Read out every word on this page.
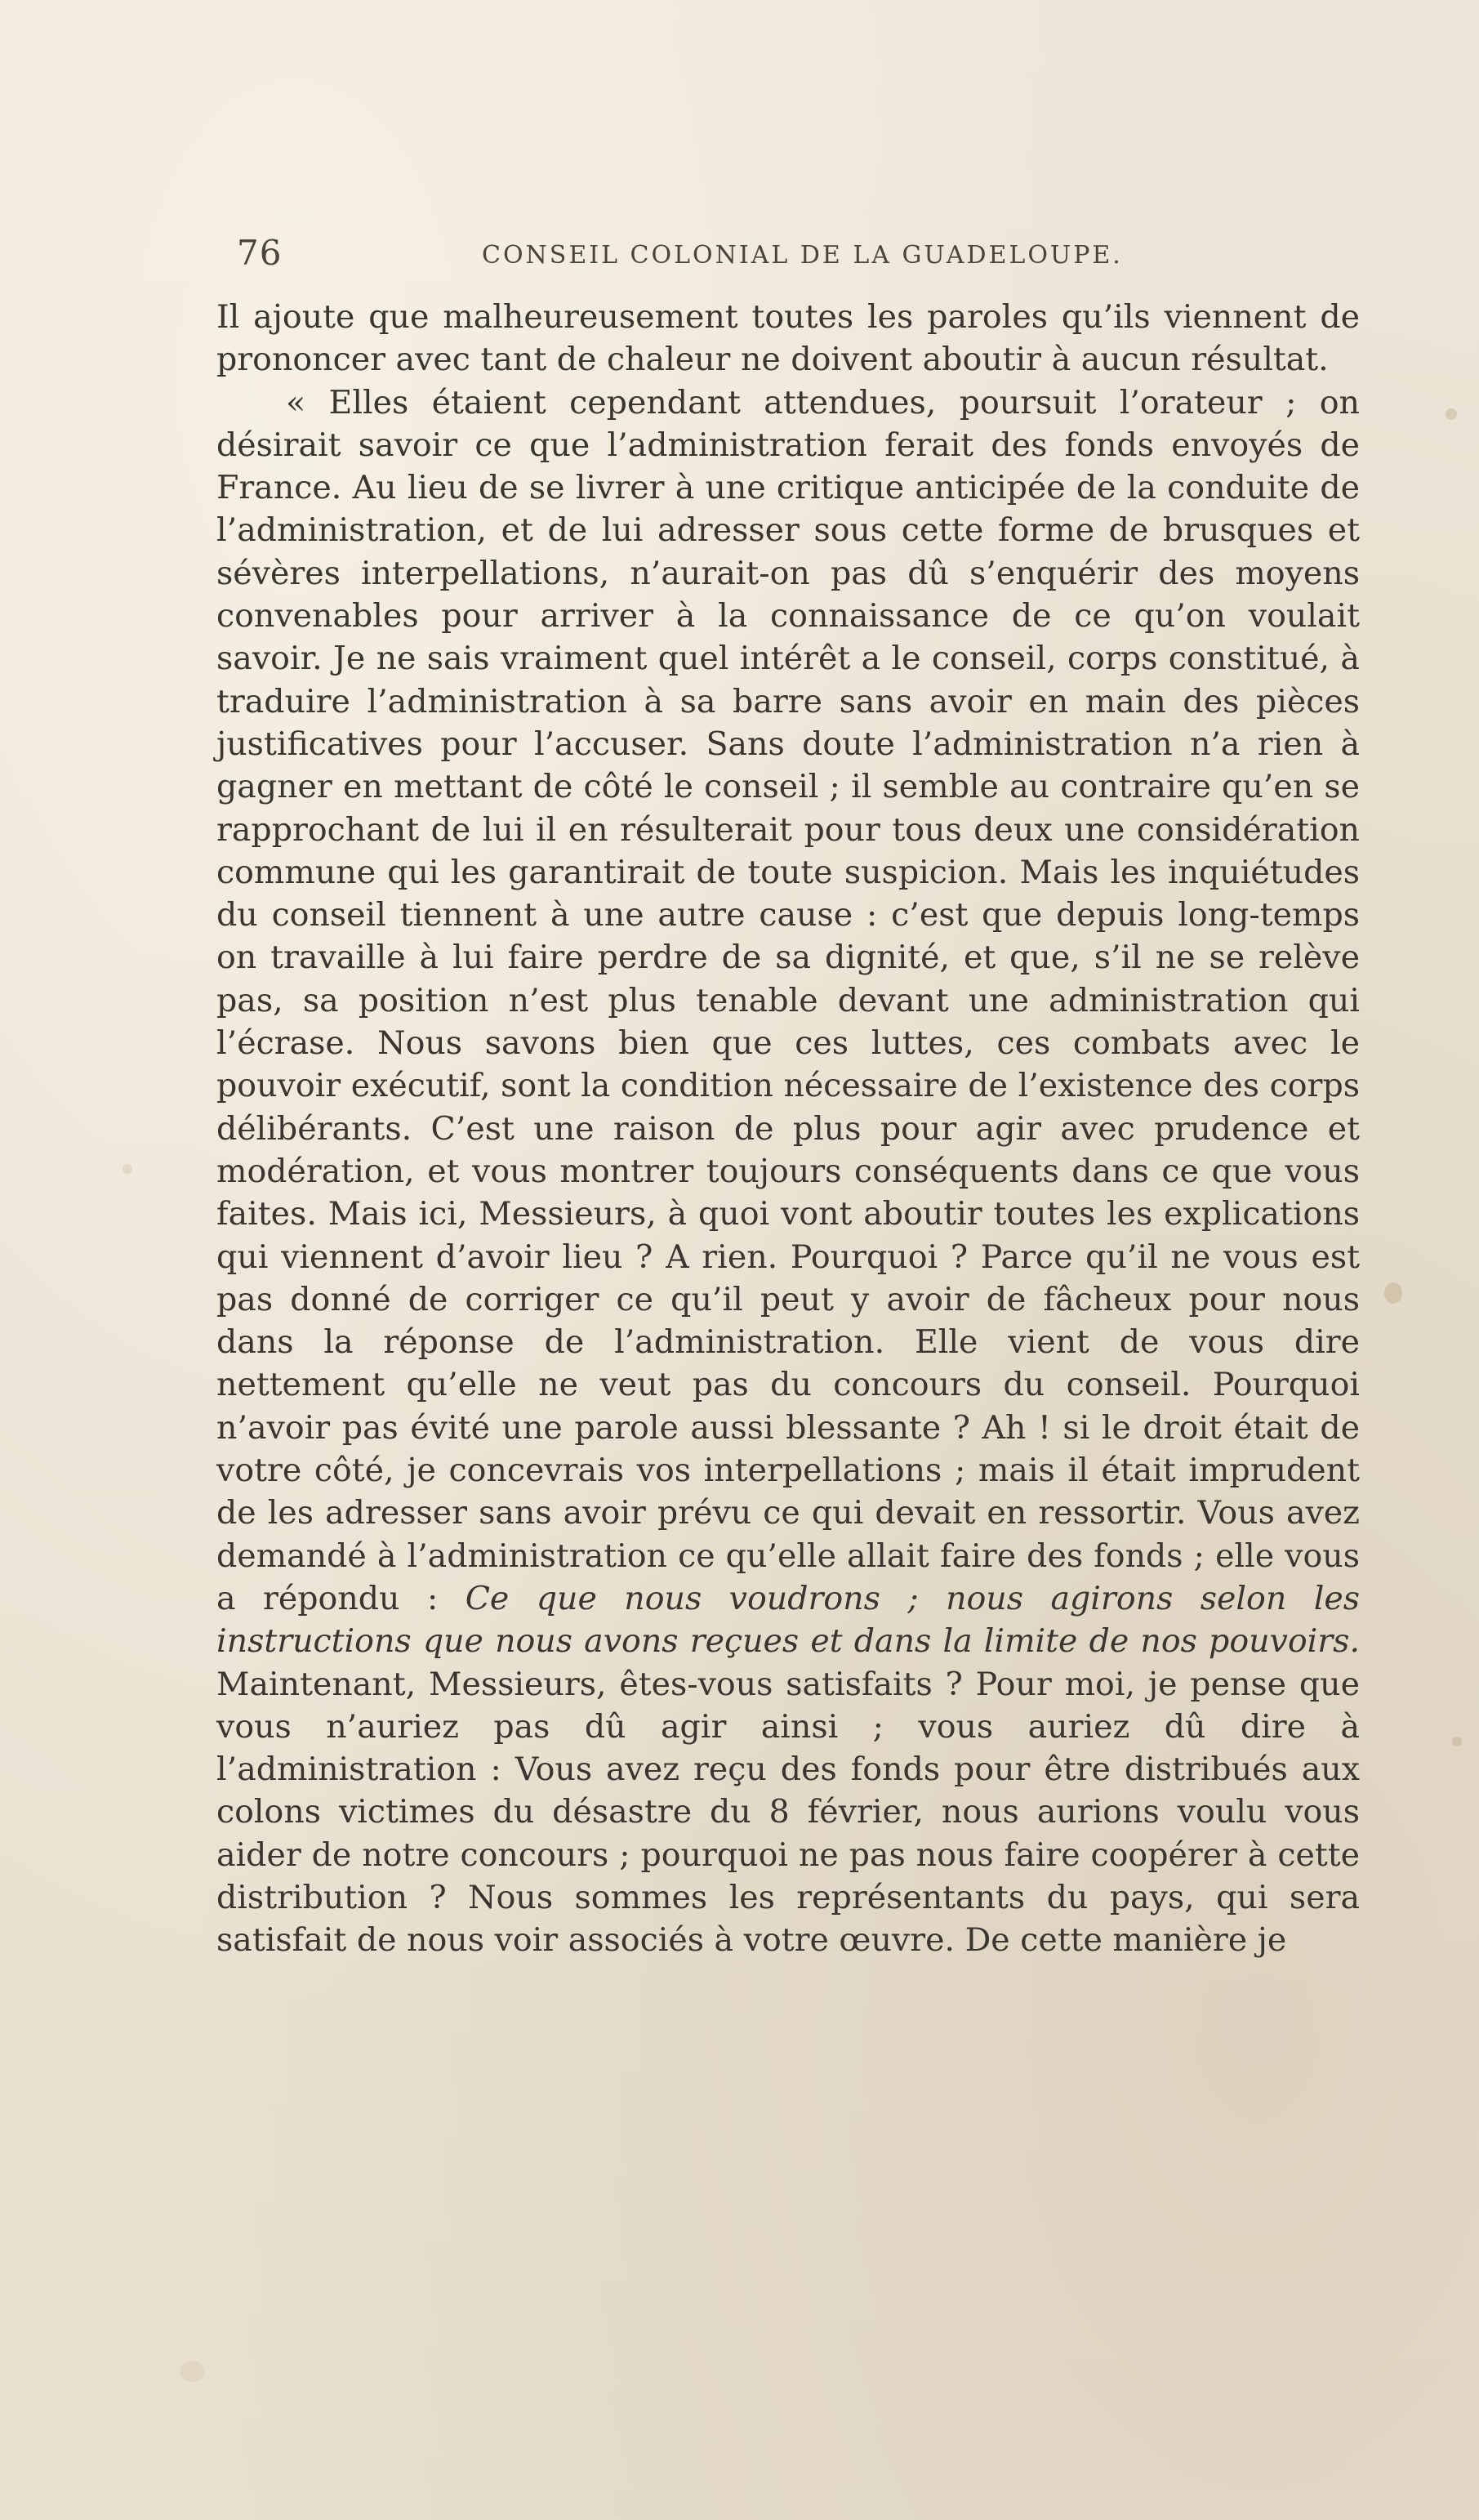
76	CONSEIL COLONIAL DE LA GUADELOUPE.

Il ajoute que malheureusement toutes les paroles qu’ils viennent de prononcer avec tant de chaleur ne doivent aboutir à aucun résultat.

« Elles étaient cependant attendues, poursuit l’orateur ; on désirait savoir ce que l’administration ferait des fonds envoyés de France. Au lieu de se livrer à une critique anticipée de la conduite de l’administration, et de lui adresser sous cette forme de brusques et sévères interpellations, n’aurait-on pas dû s’enquérir des moyens convenables pour arriver à la connaissance de ce qu’on voulait savoir. Je ne sais vraiment quel intérêt a le conseil, corps constitué, à traduire l’administration à sa barre sans avoir en main des pièces justificatives pour l’accuser. Sans doute l’administration n’a rien à gagner en mettant de côté le conseil ; il semble au contraire qu’en se rapprochant de lui il en résulterait pour tous deux une considération commune qui les garantirait de toute suspicion. Mais les inquiétudes du conseil tiennent à une autre cause : c’est que depuis long-temps on travaille à lui faire perdre de sa dignité, et que, s’il ne se relève pas, sa position n’est plus tenable devant une administration qui l’écrase. Nous savons bien que ces luttes, ces combats avec le pouvoir exécutif, sont la condition nécessaire de l’existence des corps délibérants. C’est une raison de plus pour agir avec prudence et modération, et vous montrer toujours conséquents dans ce que vous faites. Mais ici, Messieurs, à quoi vont aboutir toutes les explications qui viennent d’avoir lieu ? A rien. Pourquoi ? Parce qu’il ne vous est pas donné de corriger ce qu’il peut y avoir de fâcheux pour nous dans la réponse de l’administration. Elle vient de vous dire nettement qu’elle ne veut pas du concours du conseil. Pourquoi n’avoir pas évité une parole aussi blessante ? Ah ! si le droit était de votre côté, je concevrais vos interpellations ; mais il était imprudent de les adresser sans avoir prévu ce qui devait en ressortir. Vous avez demandé à l’administration ce qu’elle allait faire des fonds ; elle vous a répondu : Ce que nous voudrons ; nous agirons selon les instructions que nous avons reçues et dans la limite de nos pouvoirs. Maintenant, Messieurs, êtes-vous satisfaits ? Pour moi, je pense que vous n’auriez pas dû agir ainsi ; vous auriez dû dire à l’administration : Vous avez reçu des fonds pour être distribués aux colons victimes du désastre du 8 février, nous aurions voulu vous aider de notre concours ; pourquoi ne pas nous faire coopérer à cette distribution ? Nous sommes les représentants du pays, qui sera satisfait de nous voir associés à votre œuvre. De cette manière je
